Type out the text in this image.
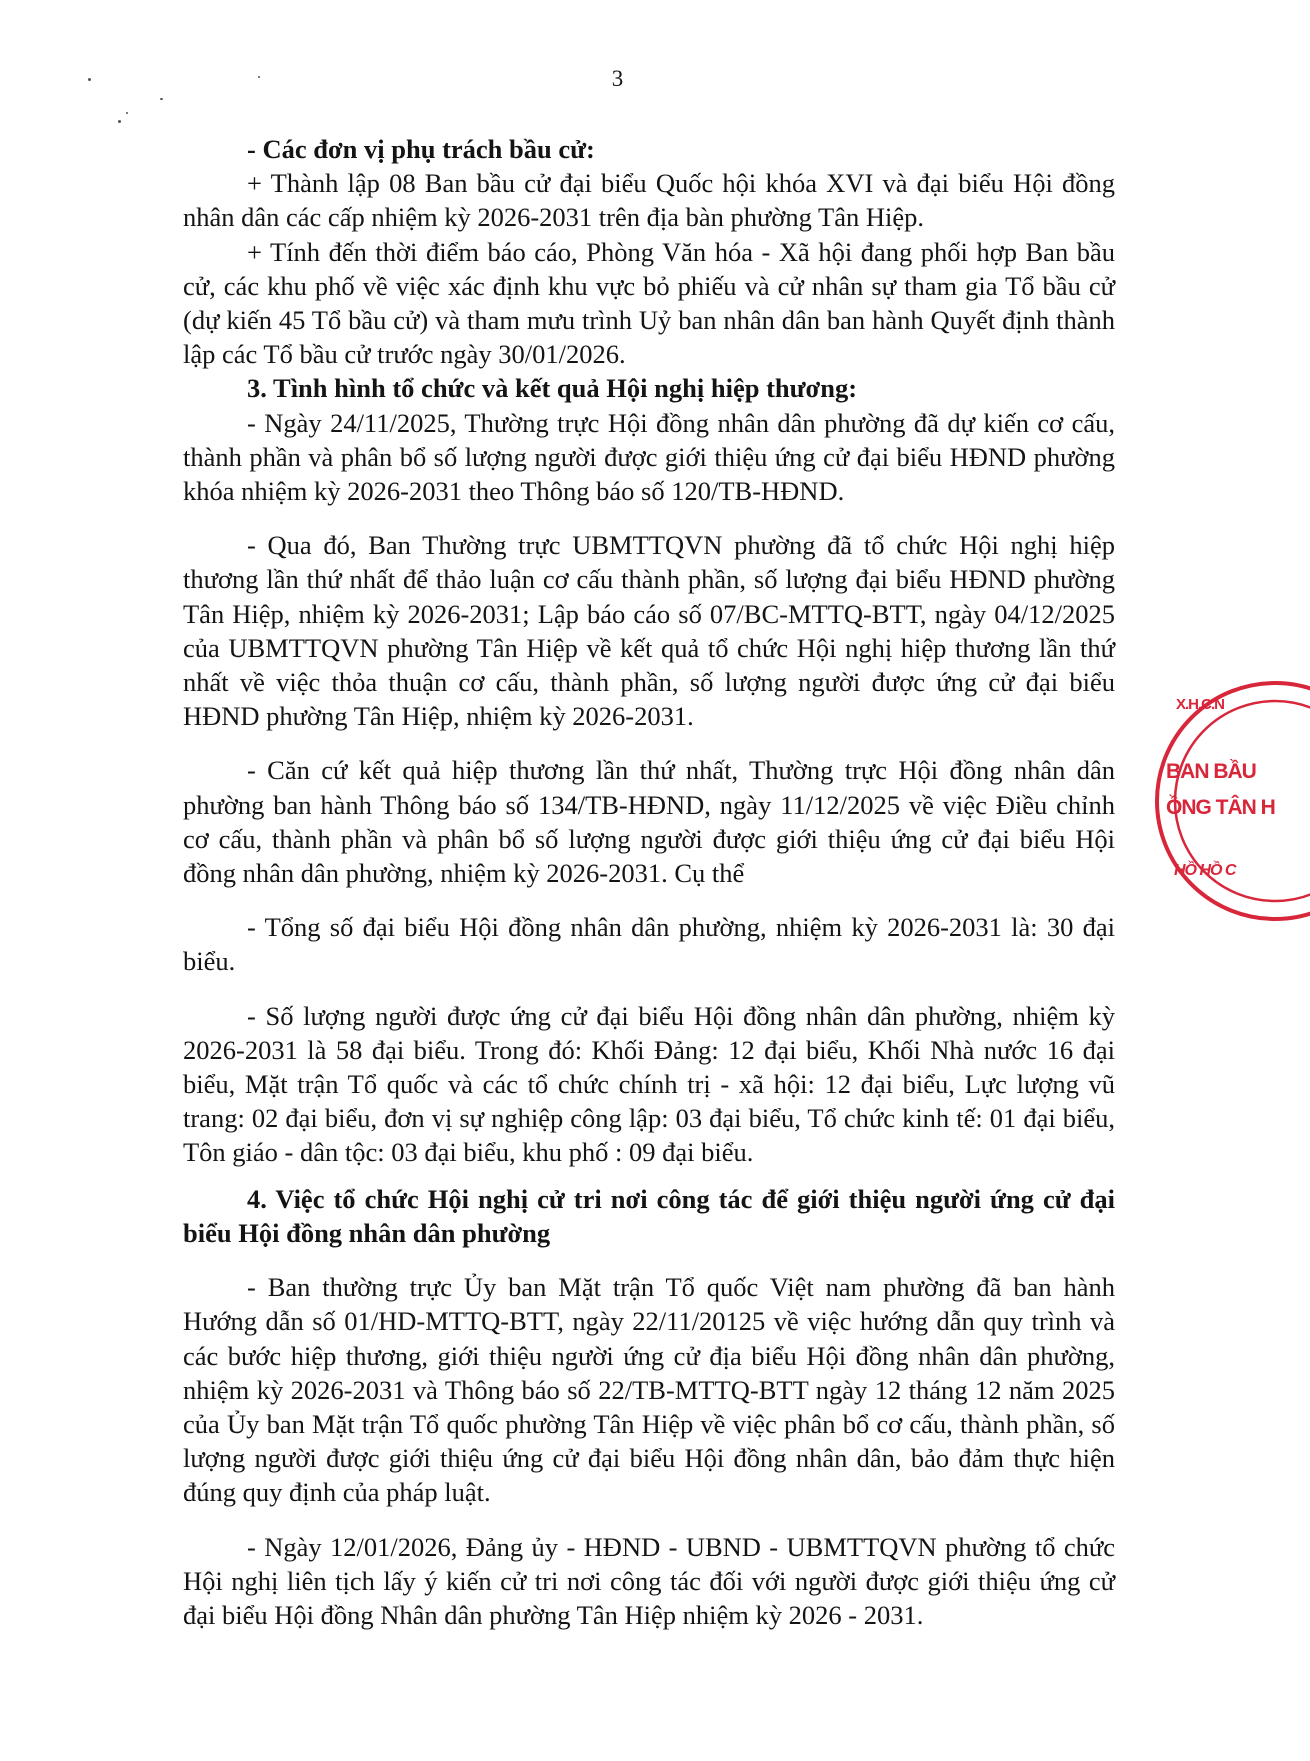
3

- Các đơn vị phụ trách bầu cử:

+ Thành lập 08 Ban bầu cử đại biểu Quốc hội khóa XVI và đại biểu Hội đồng nhân dân các cấp nhiệm kỳ 2026-2031 trên địa bàn phường Tân Hiệp.

+ Tính đến thời điểm báo cáo, Phòng Văn hóa - Xã hội đang phối hợp Ban bầu cử, các khu phố về việc xác định khu vực bỏ phiếu và cử nhân sự tham gia Tổ bầu cử (dự kiến 45 Tổ bầu cử) và tham mưu trình Uỷ ban nhân dân ban hành Quyết định thành lập các Tổ bầu cử trước ngày 30/01/2026.

3. Tình hình tổ chức và kết quả Hội nghị hiệp thương:

- Ngày 24/11/2025, Thường trực Hội đồng nhân dân phường đã dự kiến cơ cấu, thành phần và phân bổ số lượng người được giới thiệu ứng cử đại biểu HĐND phường khóa nhiệm kỳ 2026-2031 theo Thông báo số 120/TB-HĐND.

- Qua đó, Ban Thường trực UBMTTQVN phường đã tổ chức Hội nghị hiệp thương lần thứ nhất để thảo luận cơ cấu thành phần, số lượng đại biểu HĐND phường Tân Hiệp, nhiệm kỳ 2026-2031; Lập báo cáo số 07/BC-MTTQ-BTT, ngày 04/12/2025 của UBMTTQVN phường Tân Hiệp về kết quả tổ chức Hội nghị hiệp thương lần thứ nhất về việc thỏa thuận cơ cấu, thành phần, số lượng người được ứng cử đại biểu HĐND phường Tân Hiệp, nhiệm kỳ 2026-2031.

- Căn cứ kết quả hiệp thương lần thứ nhất, Thường trực Hội đồng nhân dân phường ban hành Thông báo số 134/TB-HĐND, ngày 11/12/2025 về việc Điều chỉnh cơ cấu, thành phần và phân bổ số lượng người được giới thiệu ứng cử đại biểu Hội đồng nhân dân phường, nhiệm kỳ 2026-2031. Cụ thể

- Tổng số đại biểu Hội đồng nhân dân phường, nhiệm kỳ 2026-2031 là: 30 đại biểu.

- Số lượng người được ứng cử đại biểu Hội đồng nhân dân phường, nhiệm kỳ 2026-2031 là 58 đại biểu. Trong đó: Khối Đảng: 12 đại biểu, Khối Nhà nước 16 đại biểu, Mặt trận Tổ quốc và các tổ chức chính trị - xã hội: 12 đại biểu, Lực lượng vũ trang: 02 đại biểu, đơn vị sự nghiệp công lập: 03 đại biểu, Tổ chức kinh tế: 01 đại biểu, Tôn giáo - dân tộc: 03 đại biểu, khu phố : 09 đại biểu.

4. Việc tổ chức Hội nghị cử tri nơi công tác để giới thiệu người ứng cử đại biểu Hội đồng nhân dân phường

- Ban thường trực Ủy ban Mặt trận Tổ quốc Việt nam phường đã ban hành Hướng dẫn số 01/HD-MTTQ-BTT, ngày 22/11/20125 về việc hướng dẫn quy trình và các bước hiệp thương, giới thiệu người ứng cử địa biểu Hội đồng nhân dân phường, nhiệm kỳ 2026-2031 và Thông báo số 22/TB-MTTQ-BTT ngày 12 tháng 12 năm 2025 của Ủy ban Mặt trận Tổ quốc phường Tân Hiệp về việc phân bổ cơ cấu, thành phần, số lượng người được giới thiệu ứng cử đại biểu Hội đồng nhân dân, bảo đảm thực hiện đúng quy định của pháp luật.

- Ngày 12/01/2026, Đảng ủy - HĐND - UBND - UBMTTQVN phường tổ chức Hội nghị liên tịch lấy ý kiến cử tri nơi công tác đối với người được giới thiệu ứng cử đại biểu Hội đồng Nhân dân phường Tân Hiệp nhiệm kỳ 2026 - 2031.

X.H.C.N
BAN BẦU
ỒNG TÂN H
HỒ HỒ C
